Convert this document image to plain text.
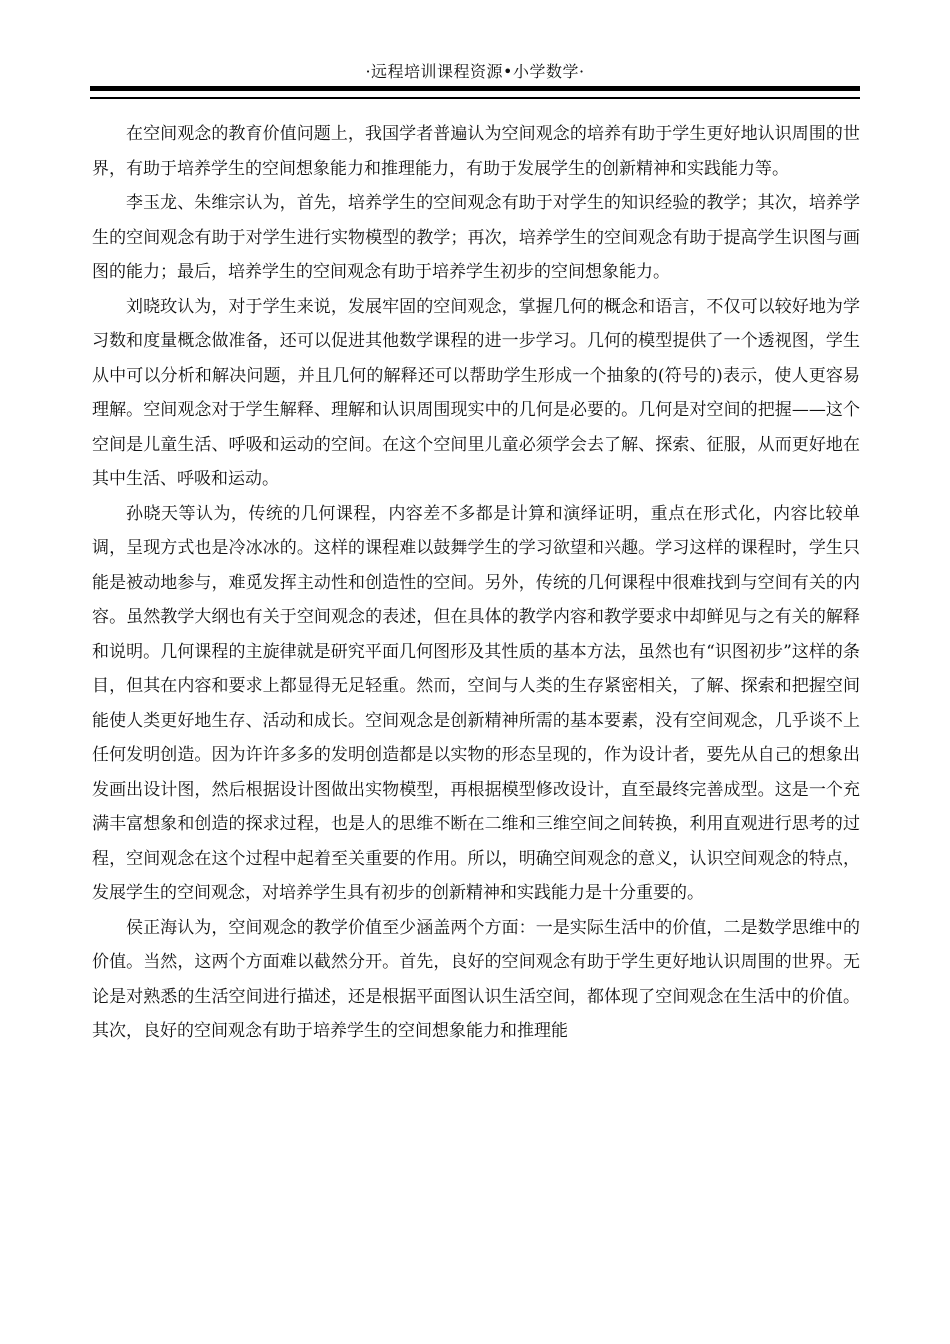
·远程培训课程资源•小学数学·

在空间观念的教育价值问题上，我国学者普遍认为空间观念的培养有助于学生更好地认识周围的世界，有助于培养学生的空间想象能力和推理能力，有助于发展学生的创新精神和实践能力等。

李玉龙、朱维宗认为，首先，培养学生的空间观念有助于对学生的知识经验的教学；其次，培养学生的空间观念有助于对学生进行实物模型的教学；再次，培养学生的空间观念有助于提高学生识图与画图的能力；最后，培养学生的空间观念有助于培养学生初步的空间想象能力。

刘晓玫认为，对于学生来说，发展牢固的空间观念，掌握几何的概念和语言，不仅可以较好地为学习数和度量概念做准备，还可以促进其他数学课程的进一步学习。几何的模型提供了一个透视图，学生从中可以分析和解决问题，并且几何的解释还可以帮助学生形成一个抽象的(符号的)表示，使人更容易理解。空间观念对于学生解释、理解和认识周围现实中的几何是必要的。几何是对空间的把握——这个空间是儿童生活、呼吸和运动的空间。在这个空间里儿童必须学会去了解、探索、征服，从而更好地在其中生活、呼吸和运动。

孙晓天等认为，传统的几何课程，内容差不多都是计算和演绎证明，重点在形式化，内容比较单调，呈现方式也是冷冰冰的。这样的课程难以鼓舞学生的学习欲望和兴趣。学习这样的课程时，学生只能是被动地参与，难觅发挥主动性和创造性的空间。另外，传统的几何课程中很难找到与空间有关的内容。虽然教学大纲也有关于空间观念的表述，但在具体的教学内容和教学要求中却鲜见与之有关的解释和说明。几何课程的主旋律就是研究平面几何图形及其性质的基本方法，虽然也有“识图初步”这样的条目，但其在内容和要求上都显得无足轻重。然而，空间与人类的生存紧密相关，了解、探索和把握空间能使人类更好地生存、活动和成长。空间观念是创新精神所需的基本要素，没有空间观念，几乎谈不上任何发明创造。因为许许多多的发明创造都是以实物的形态呈现的，作为设计者，要先从自己的想象出发画出设计图，然后根据设计图做出实物模型，再根据模型修改设计，直至最终完善成型。这是一个充满丰富想象和创造的探求过程，也是人的思维不断在二维和三维空间之间转换，利用直观进行思考的过程，空间观念在这个过程中起着至关重要的作用。所以，明确空间观念的意义，认识空间观念的特点，发展学生的空间观念，对培养学生具有初步的创新精神和实践能力是十分重要的。

侯正海认为，空间观念的教学价值至少涵盖两个方面：一是实际生活中的价值，二是数学思维中的价值。当然，这两个方面难以截然分开。首先，良好的空间观念有助于学生更好地认识周围的世界。无论是对熟悉的生活空间进行描述，还是根据平面图认识生活空间，都体现了空间观念在生活中的价值。其次，良好的空间观念有助于培养学生的空间想象能力和推理能
